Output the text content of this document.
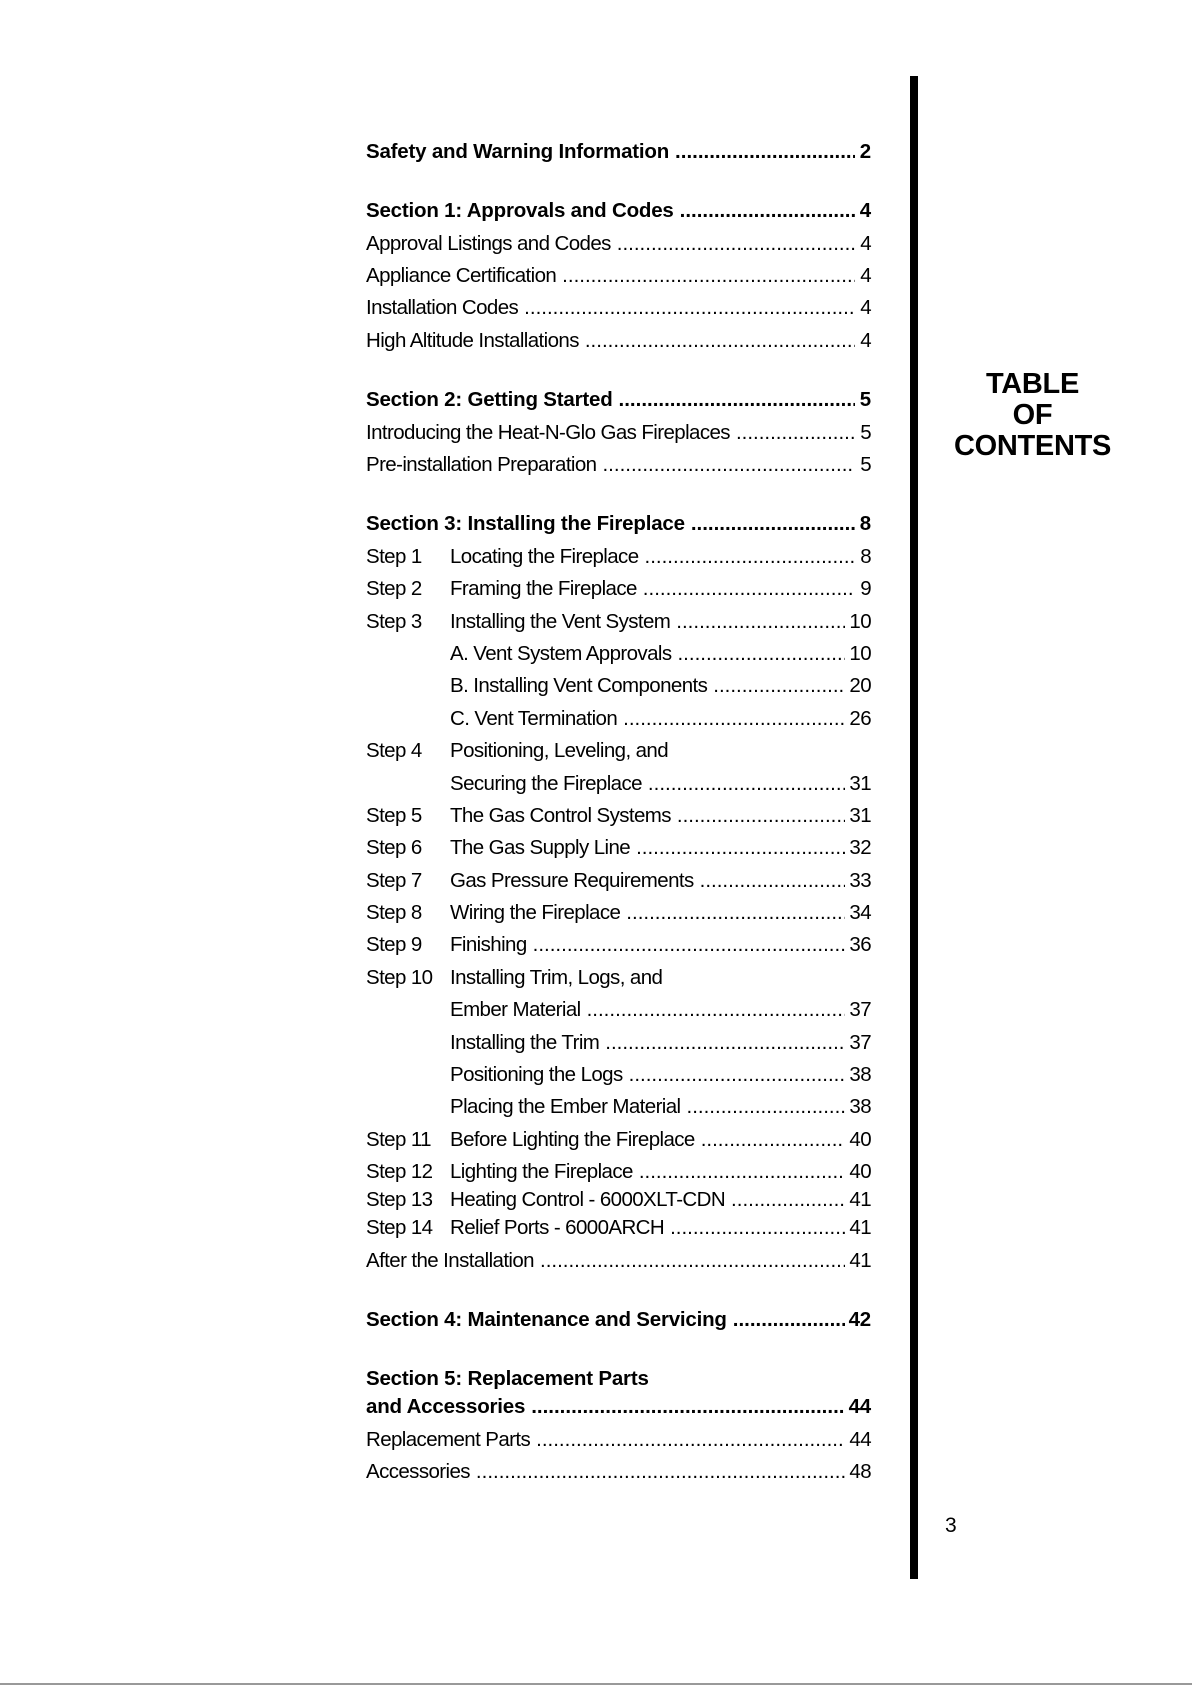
Safety and Warning Information .....	2
Section 1: Approvals and Codes .....	4
Approval Listings and Codes .....	4
Appliance Certification .....	4
Installation Codes .....	4
High Altitude Installations .....	4
Section 2: Getting Started .....	5
Introducing the Heat-N-Glo Gas Fireplaces .....	5
Pre-installation Preparation .....	5
Section 3: Installing the Fireplace .....	8
Step 1	Locating the Fireplace .....	8
Step 2	Framing the Fireplace .....	9
Step 3	Installing the Vent System .....	10
A. Vent System Approvals .....	10
B. Installing Vent Components .....	20
C. Vent Termination .....	26
Step 4	Positioning, Leveling, and
Securing the Fireplace .....	31
Step 5	The Gas Control Systems .....	31
Step 6	The Gas Supply Line .....	32
Step 7	Gas Pressure Requirements .....	33
Step 8	Wiring the Fireplace .....	34
Step 9	Finishing .....	36
Step 10 Installing Trim, Logs, and
Ember Material .....	37
Installing the Trim .....	37
Positioning the Logs .....	38
Placing the Ember Material .....	38
Step 11 Before Lighting the Fireplace .....	40
Step 12 Lighting the Fireplace .....	40
Step 13 Heating Control - 6000XLT-CDN .....	41
Step 14 Relief Ports - 6000ARCH .....	41
After the Installation .....	41
Section 4: Maintenance and Servicing .....	42
Section 5: Replacement Parts
and Accessories .....	44
Replacement Parts .....	44
Accessories .....	48
TABLE
OF
CONTENTS
3
